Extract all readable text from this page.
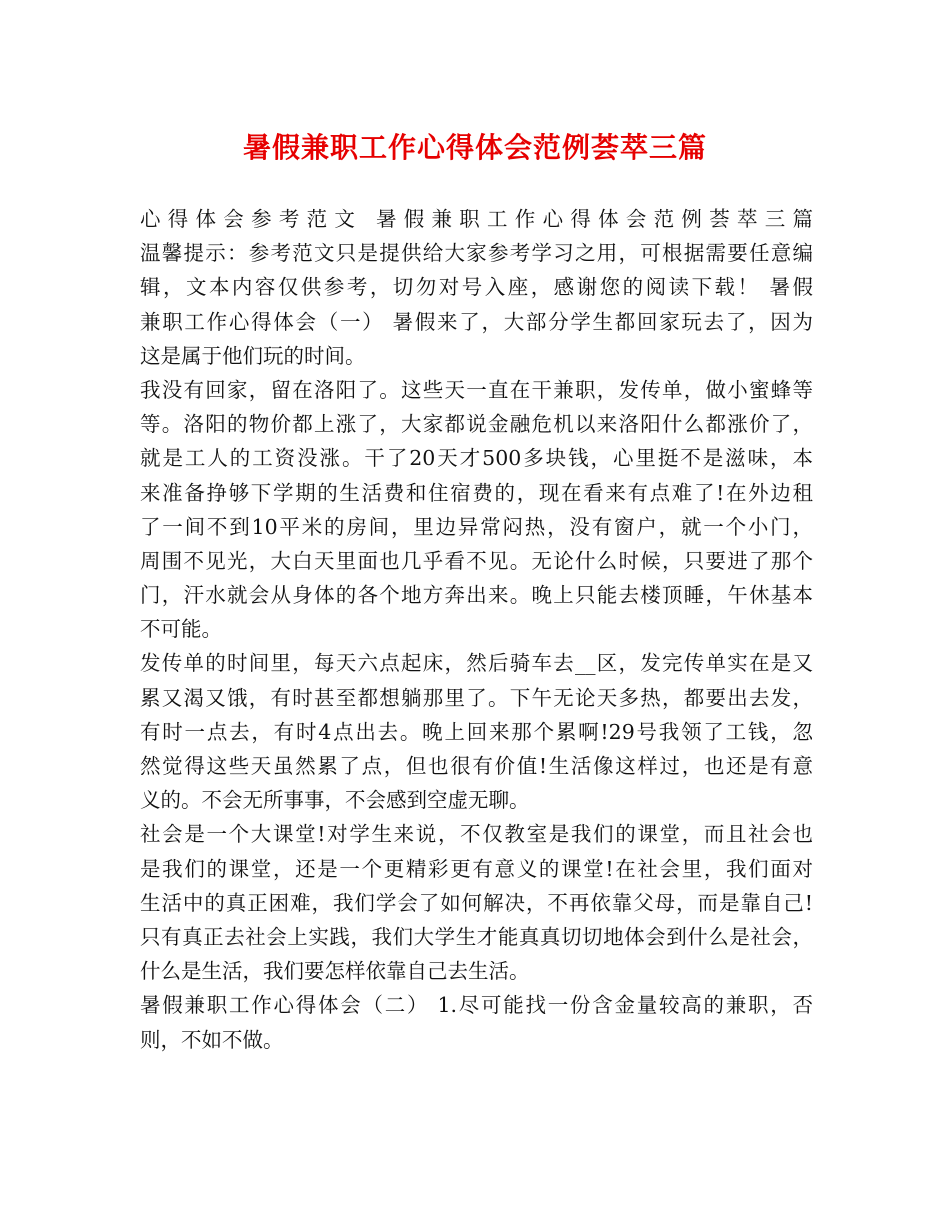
暑假兼职工作心得体会范例荟萃三篇
心得体会参考范文 暑假兼职工作心得体会范例荟萃三篇
温馨提示：参考范文只是提供给大家参考学习之用，可根据需要任意编
辑，文本内容仅供参考，切勿对号入座，感谢您的阅读下载！ 暑假
兼职工作心得体会（一） 暑假来了，大部分学生都回家玩去了，因为
这是属于他们玩的时间。
我没有回家，留在洛阳了。这些天一直在干兼职，发传单，做小蜜蜂等
等。洛阳的物价都上涨了，大家都说金融危机以来洛阳什么都涨价了，
就是工人的工资没涨。干了20天才500多块钱，心里挺不是滋味，本
来准备挣够下学期的生活费和住宿费的，现在看来有点难了!在外边租
了一间不到10平米的房间，里边异常闷热，没有窗户，就一个小门，
周围不见光，大白天里面也几乎看不见。无论什么时候，只要进了那个
门，汗水就会从身体的各个地方奔出来。晚上只能去楼顶睡，午休基本
不可能。
发传单的时间里，每天六点起床，然后骑车去__区，发完传单实在是又
累又渴又饿，有时甚至都想躺那里了。下午无论天多热，都要出去发，
有时一点去，有时4点出去。晚上回来那个累啊!29号我领了工钱，忽
然觉得这些天虽然累了点，但也很有价值!生活像这样过，也还是有意
义的。不会无所事事，不会感到空虚无聊。
社会是一个大课堂!对学生来说，不仅教室是我们的课堂，而且社会也
是我们的课堂，还是一个更精彩更有意义的课堂!在社会里，我们面对
生活中的真正困难，我们学会了如何解决，不再依靠父母，而是靠自己!
只有真正去社会上实践，我们大学生才能真真切切地体会到什么是社会，
什么是生活，我们要怎样依靠自己去生活。
暑假兼职工作心得体会（二） 1.尽可能找一份含金量较高的兼职，否
则，不如不做。
